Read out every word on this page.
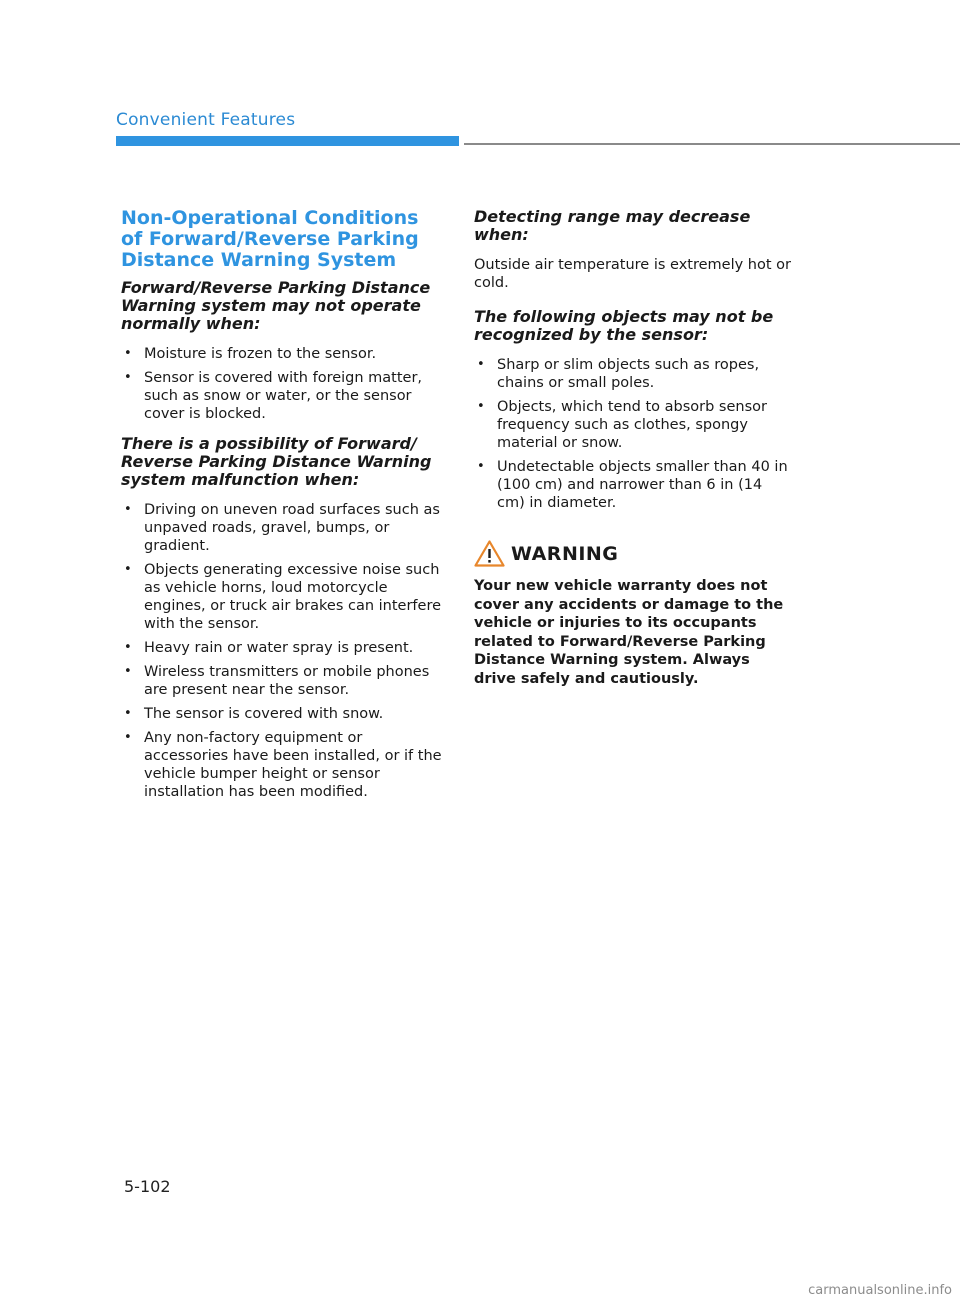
Convenient Features
Non-Operational Conditions of Forward/Reverse Parking Distance Warning System
Forward/Reverse Parking Distance Warning system may not operate normally when:
• Moisture is frozen to the sensor.
• Sensor is covered with foreign matter, such as snow or water, or the sensor cover is blocked.
There is a possibility of Forward/ Reverse Parking Distance Warning system malfunction when:
• Driving on uneven road surfaces such as unpaved roads, gravel, bumps, or gradient.
• Objects generating excessive noise such as vehicle horns, loud motorcycle engines, or truck air brakes can interfere with the sensor.
• Heavy rain or water spray is present.
• Wireless transmitters or mobile phones are present near the sensor.
• The sensor is covered with snow.
• Any non-factory equipment or accessories have been installed, or if the vehicle bumper height or sensor installation has been modified.
Detecting range may decrease when:

Outside air temperature is extremely hot or cold.

The following objects may not be recognized by the sensor:
• Sharp or slim objects such as ropes, chains or small poles.
• Objects, which tend to absorb sensor frequency such as clothes, spongy material or snow.
• Undetectable objects smaller than 40 in (100 cm) and narrower than 6 in (14 cm) in diameter.
WARNING

Your new vehicle warranty does not cover any accidents or damage to the vehicle or injuries to its occupants related to Forward/Reverse Parking Distance Warning system. Always drive safely and cautiously.

5-102
carmanualsonline.info
